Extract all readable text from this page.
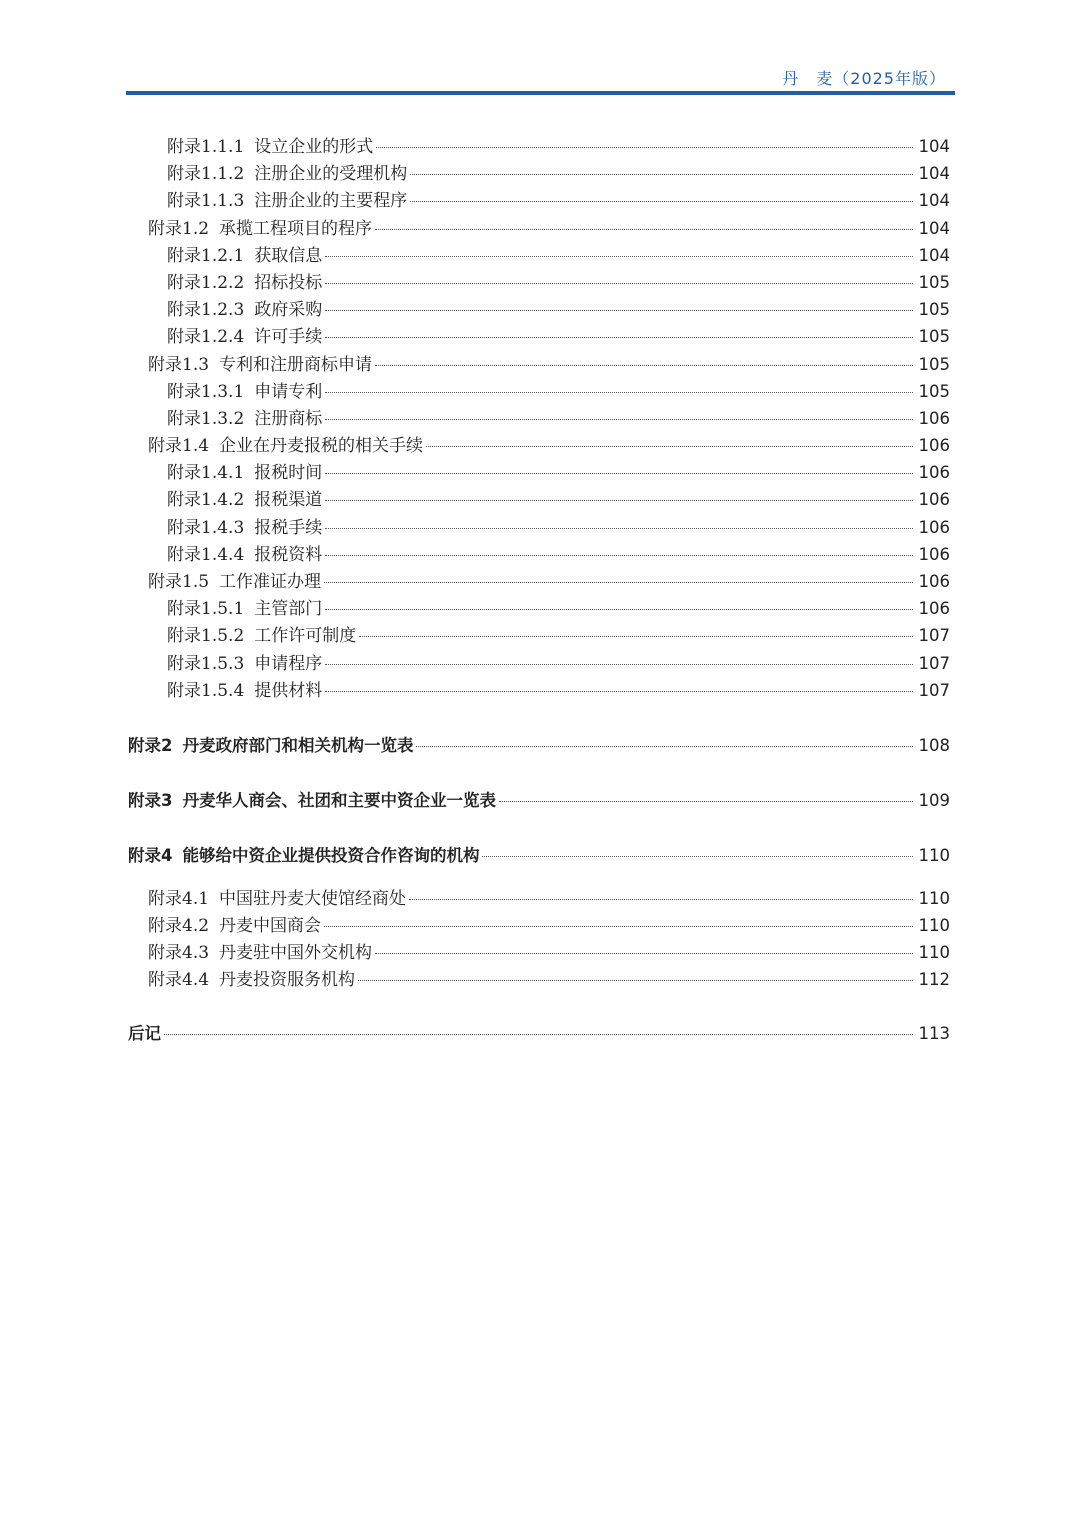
丹　麦（2025年版）
附录1.1.1 设立企业的形式	104
附录1.1.2 注册企业的受理机构	104
附录1.1.3 注册企业的主要程序	104
附录1.2 承揽工程项目的程序	104
附录1.2.1 获取信息	104
附录1.2.2 招标投标	105
附录1.2.3 政府采购	105
附录1.2.4 许可手续	105
附录1.3 专利和注册商标申请	105
附录1.3.1 申请专利	105
附录1.3.2 注册商标	106
附录1.4 企业在丹麦报税的相关手续	106
附录1.4.1 报税时间	106
附录1.4.2 报税渠道	106
附录1.4.3 报税手续	106
附录1.4.4 报税资料	106
附录1.5 工作准证办理	106
附录1.5.1 主管部门	106
附录1.5.2 工作许可制度	107
附录1.5.3 申请程序	107
附录1.5.4 提供材料	107
附录2 丹麦政府部门和相关机构一览表	108
附录3 丹麦华人商会、社团和主要中资企业一览表	109
附录4 能够给中资企业提供投资合作咨询的机构	110
附录4.1 中国驻丹麦大使馆经商处	110
附录4.2 丹麦中国商会	110
附录4.3 丹麦驻中国外交机构	110
附录4.4 丹麦投资服务机构	112
后记	113
